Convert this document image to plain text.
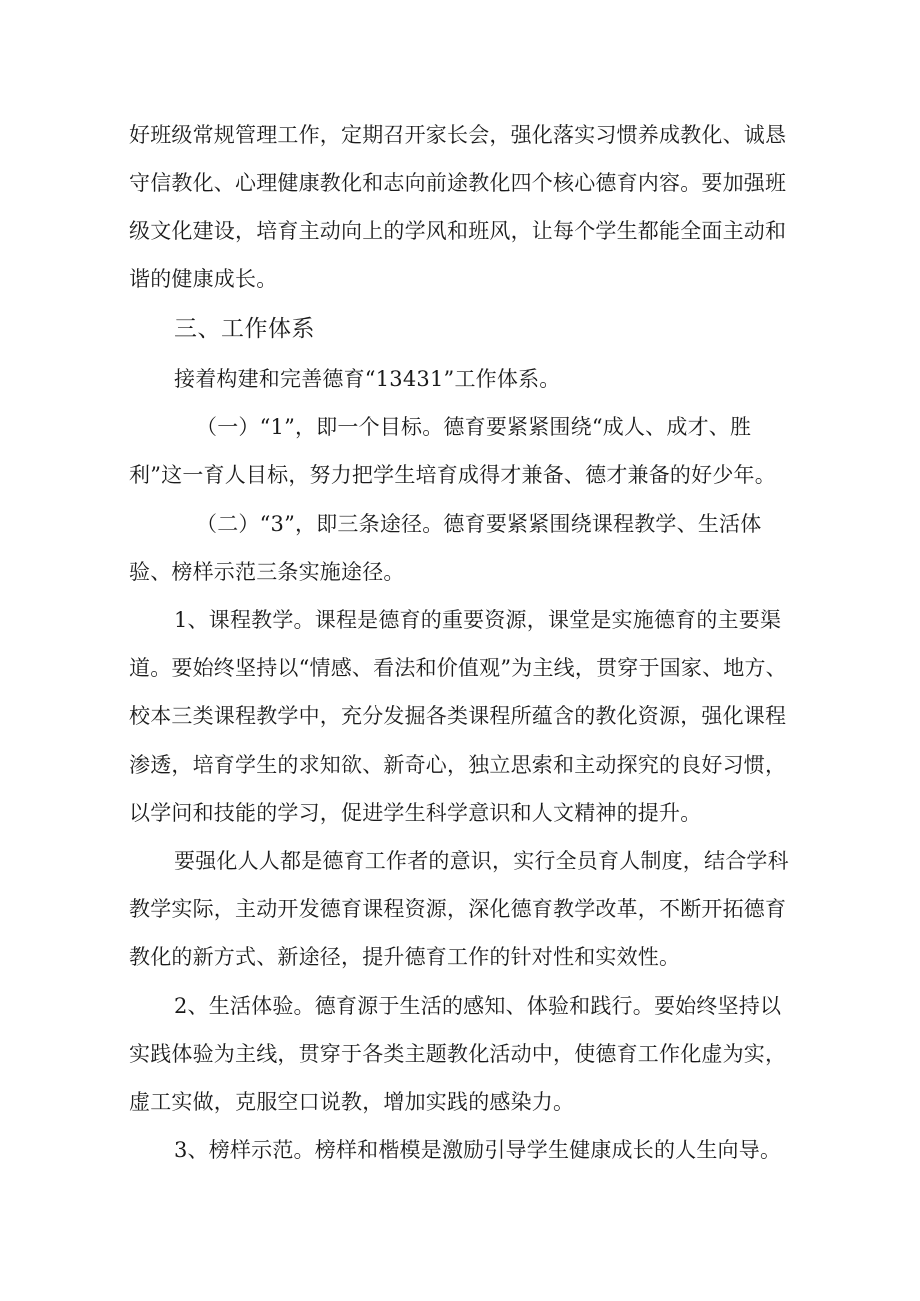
好班级常规管理工作，定期召开家长会，强化落实习惯养成教化、诚恳
守信教化、心理健康教化和志向前途教化四个核心德育内容。要加强班
级文化建设，培育主动向上的学风和班风，让每个学生都能全面主动和
谐的健康成长。
三、工作体系
接着构建和完善德育“13431”工作体系。
（一）“1”，即一个目标。德育要紧紧围绕“成人、成才、胜
利”这一育人目标，努力把学生培育成得才兼备、德才兼备的好少年。
（二）“3”，即三条途径。德育要紧紧围绕课程教学、生活体
验、榜样示范三条实施途径。
1、课程教学。课程是德育的重要资源，课堂是实施德育的主要渠
道。要始终坚持以“情感、看法和价值观”为主线，贯穿于国家、地方、
校本三类课程教学中，充分发掘各类课程所蕴含的教化资源，强化课程
渗透，培育学生的求知欲、新奇心，独立思索和主动探究的良好习惯，
以学问和技能的学习，促进学生科学意识和人文精神的提升。
要强化人人都是德育工作者的意识，实行全员育人制度，结合学科
教学实际，主动开发德育课程资源，深化德育教学改革，不断开拓德育
教化的新方式、新途径，提升德育工作的针对性和实效性。
2、生活体验。德育源于生活的感知、体验和践行。要始终坚持以
实践体验为主线，贯穿于各类主题教化活动中，使德育工作化虚为实，
虚工实做，克服空口说教，增加实践的感染力。
3、榜样示范。榜样和楷模是激励引导学生健康成长的人生向导。
